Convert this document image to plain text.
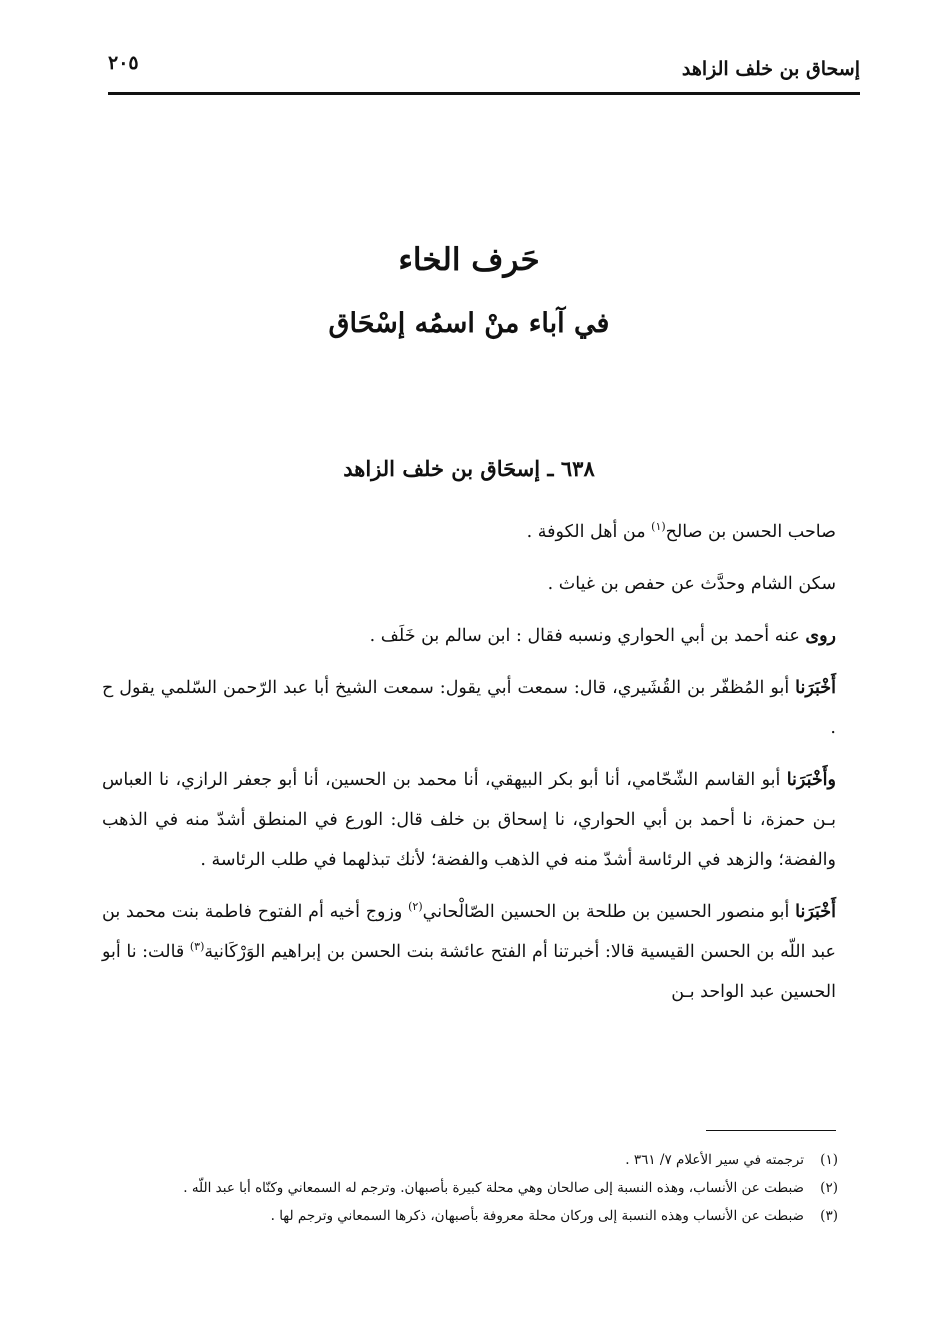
إسحاق بن خلف الزاهد
٢٠٥
حَرف الخاء
في آباء منْ اسمُه إسْحَاق
٦٣٨ ـ إسحَاق بن خلف الزاهد

صاحب الحسن بن صالح$^{(١)}$ من أهل الكوفة .

سكن الشام وحدَّث عن حفص بن غياث .

روى عنه أحمد بن أبي الحواري ونسبه فقال : ابن سالم بن خَلَف .

أَخْبَرَنا أبو المُظفّر بن القُشَيري، قال: سمعت أبي يقول: سمعت الشيخ أبا عبد الرّحمن السّلمي يقول ح .

وأَخْبَرَنا أبو القاسم الشّحّامي، أنا أبو بكر البيهقي، أنا محمد بن الحسين، أنا أبو جعفر الرازي، نا العباس بـن حمزة، نا أحمد بن أبي الحواري، نا إسحاق بن خلف قال: الورع في المنطق أشدّ منه في الذهب والفضة؛ والزهد في الرئاسة أشدّ منه في الذهب والفضة؛ لأنك تبذلهما في طلب الرئاسة .

أَخْبَرَنا أبو منصور الحسين بن طلحة بن الحسين الصّالْحاني$^{(٢)}$ وزوج أخيه أم الفتوح فاطمة بنت محمد بن عبد اللّه بن الحسن القيسية قالا: أخبرتنا أم الفتح عائشة بنت الحسن بن إبراهيم الوَرْكَانية$^{(٣)}$ قالت: نا أبو الحسين عبد الواحد بـن

(١)
ترجمته في سير الأعلام ٧/ ٣٦١ .
(٢)
ضبطت عن الأنساب، وهذه النسبة إلى صالحان وهي محلة كبيرة بأصبهان. وترجم له السمعاني وكنّاه أبا عبد اللّه .
(٣)
ضبطت عن الأنساب وهذه النسبة إلى وركان محلة معروفة بأصبهان، ذكرها السمعاني وترجم لها .
